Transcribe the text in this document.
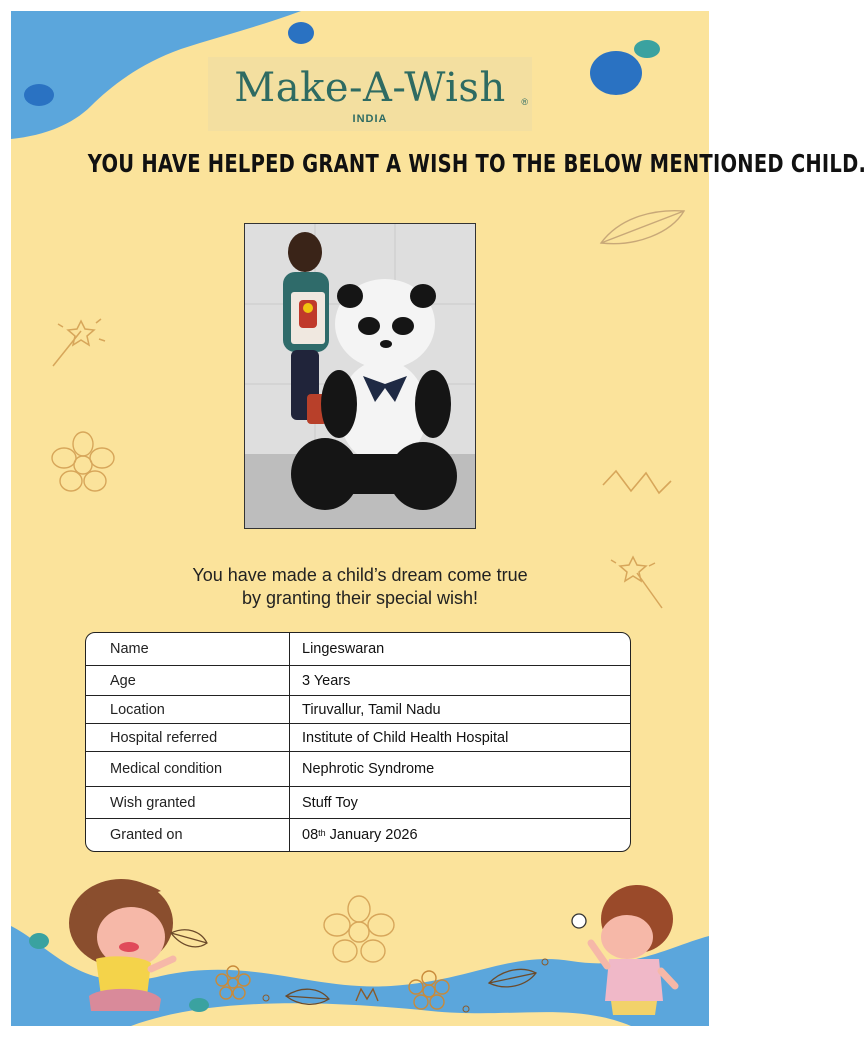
Make-A-Wish	®
INDIA
YOU HAVE HELPED GRANT A WISH TO THE BELOW MENTIONED CHILD.
You have made a child’s dream come true
by granting their special wish!
Name	Lingeswaran
Age	3 Years
Location	Tiruvallur, Tamil Nadu
Hospital referred	Institute of Child Health Hospital
Medical condition	Nephrotic Syndrome
Wish granted	Stuff Toy
Granted on	08th January 2026
